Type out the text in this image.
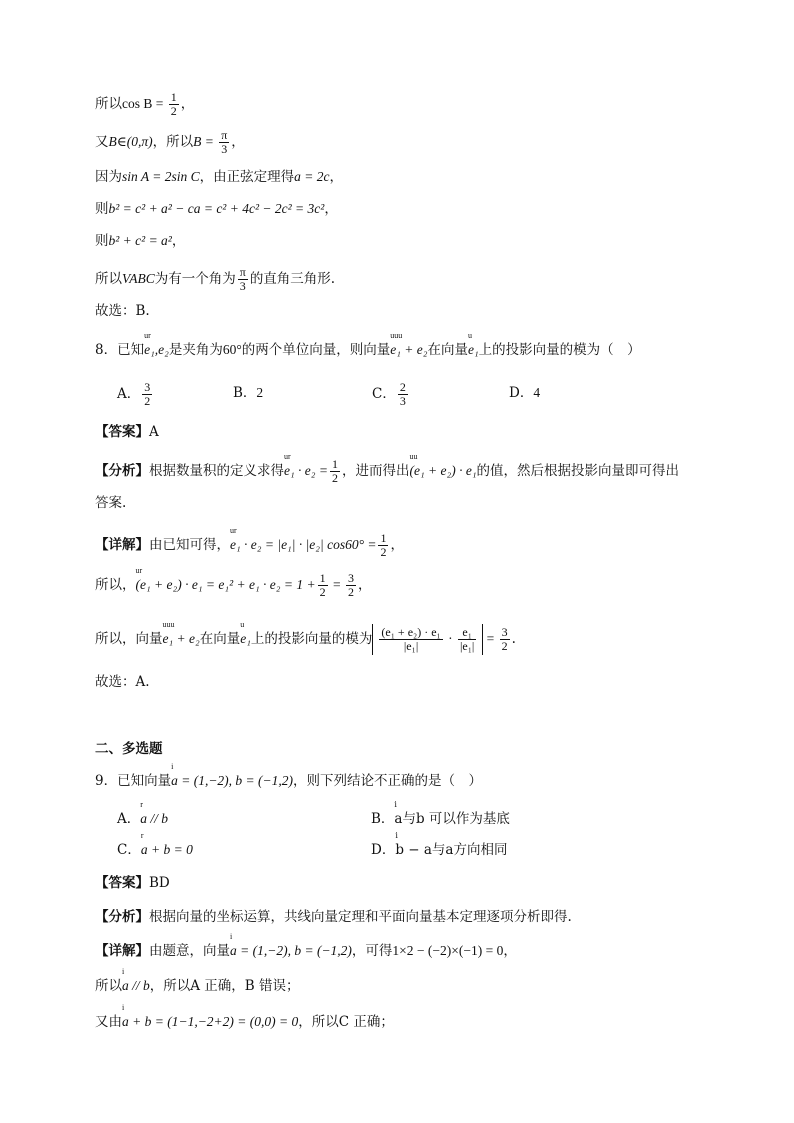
所以$\cos B = \frac{1}{2}$ ，
又B∈(0,π)，所以$B = \frac{\pi}{3}$ ，
因为sin A = 2sin C，由正弦定理得a = 2c，
则b² = c² + a² − ca = c² + 4c² − 2c² = 3c²，
则b² + c² = a²，
所以VABC为有一个角为 $\frac{\pi}{3}$ 的直角三角形.
故选：B.
8．已知ur e₁,e₂是夹角为60°的两个单位向量，则向量uuu e₁ + e₂在向量u e₁上的投影向量的模为（　）
A． $\frac{3}{2}$	B．2	C． $\frac{2}{3}$	D．4
【答案】A
【分析】根据数量积的定义求得ur $e_1 \cdot e_2 = \frac{1}{2}$ ，进而得出uu (e₁ + e₂) · e₁的值，然后根据投影向量即可得出
答案.
【详解】由已知可得，ur e₁ · e₂ = |e₁| · |e₂| $\cos 60^\circ = \frac{1}{2}$ ，
所以，ur $(e_1 + e_2) \cdot e_1 = e_1^2 + e_1 \cdot e_2 = 1 + \frac{1}{2} = \frac{3}{2}$ ，
所以，向量uuu e₁ + e₂在向量u e₁上的投影向量的模为 $\frac{\text{(e₁ + e₂) · e₁}}{\text{|e₁|}} \cdot \frac{\text{e₁}}{\text{|e₁|}} = \frac{3}{2}$ .
故选：A.
二、多选题
9．已知向量i a = (1,−2), b = (−1,2)，则下列结论不正确的是（　）
A．r a // b	B．i a与b 可以作为基底
C．r a + b = 0	D．i b − a与a方向相同
【答案】BD
【分析】根据向量的坐标运算，共线向量定理和平面向量基本定理逐项分析即得.
【详解】由题意，向量i a = (1,−2), b = (−1,2)，可得1×2 − (−2)×(−1) = 0，
所以i a // b，所以A 正确，B 错误；
又由i a + b = (1−1,−2+2) = (0,0) = 0，所以C 正确；
